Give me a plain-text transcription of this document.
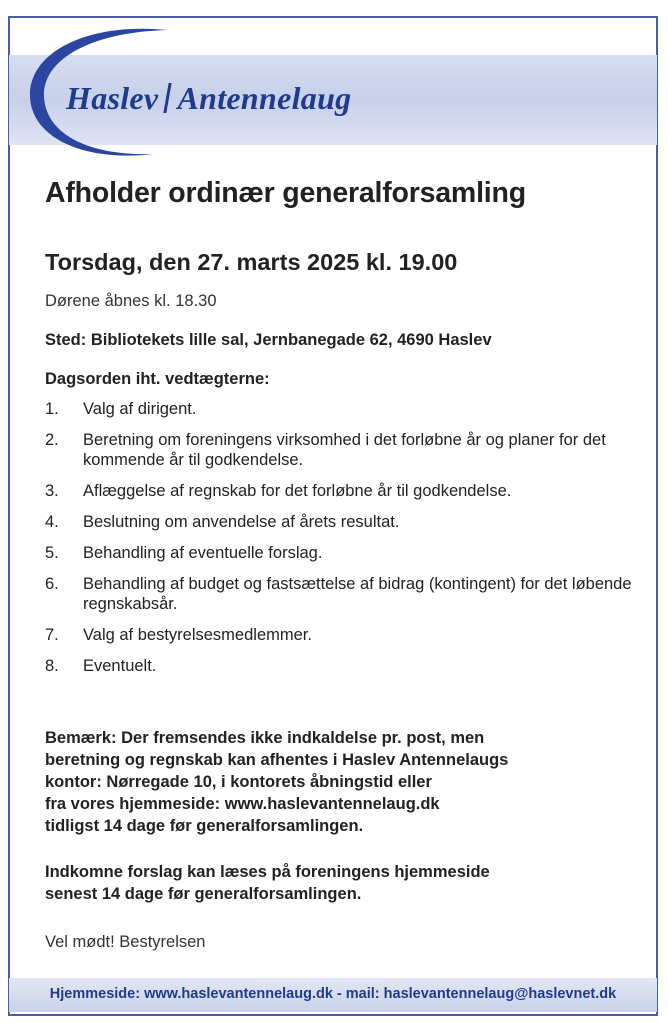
Haslev Antennelaug
Afholder ordinær generalforsamling
Torsdag, den 27. marts 2025 kl. 19.00
Dørene åbnes kl. 18.30
Sted: Bibliotekets lille sal, Jernbanegade 62, 4690 Haslev
Dagsorden iht. vedtægterne:
1. Valg af dirigent.
2. Beretning om foreningens virksomhed i det forløbne år og planer for det kommende år til godkendelse.
3. Aflæggelse af regnskab for det forløbne år til godkendelse.
4. Beslutning om anvendelse af årets resultat.
5. Behandling af eventuelle forslag.
6. Behandling af budget og fastsættelse af bidrag (kontingent) for det løbende regnskabsår.
7. Valg af bestyrelsesmedlemmer.
8. Eventuelt.
Bemærk: Der fremsendes ikke indkaldelse pr. post, men
beretning og regnskab kan afhentes i Haslev Antennelaugs
kontor: Nørregade 10, i kontorets åbningstid eller
fra vores hjemmeside: www.haslevantennelaug.dk
tidligst 14 dage før generalforsamlingen.
Indkomne forslag kan læses på foreningens hjemmeside
senest 14 dage før generalforsamlingen.
Vel mødt! Bestyrelsen
Hjemmeside: www.haslevantennelaug.dk - mail: haslevantennelaug@haslevnet.dk
